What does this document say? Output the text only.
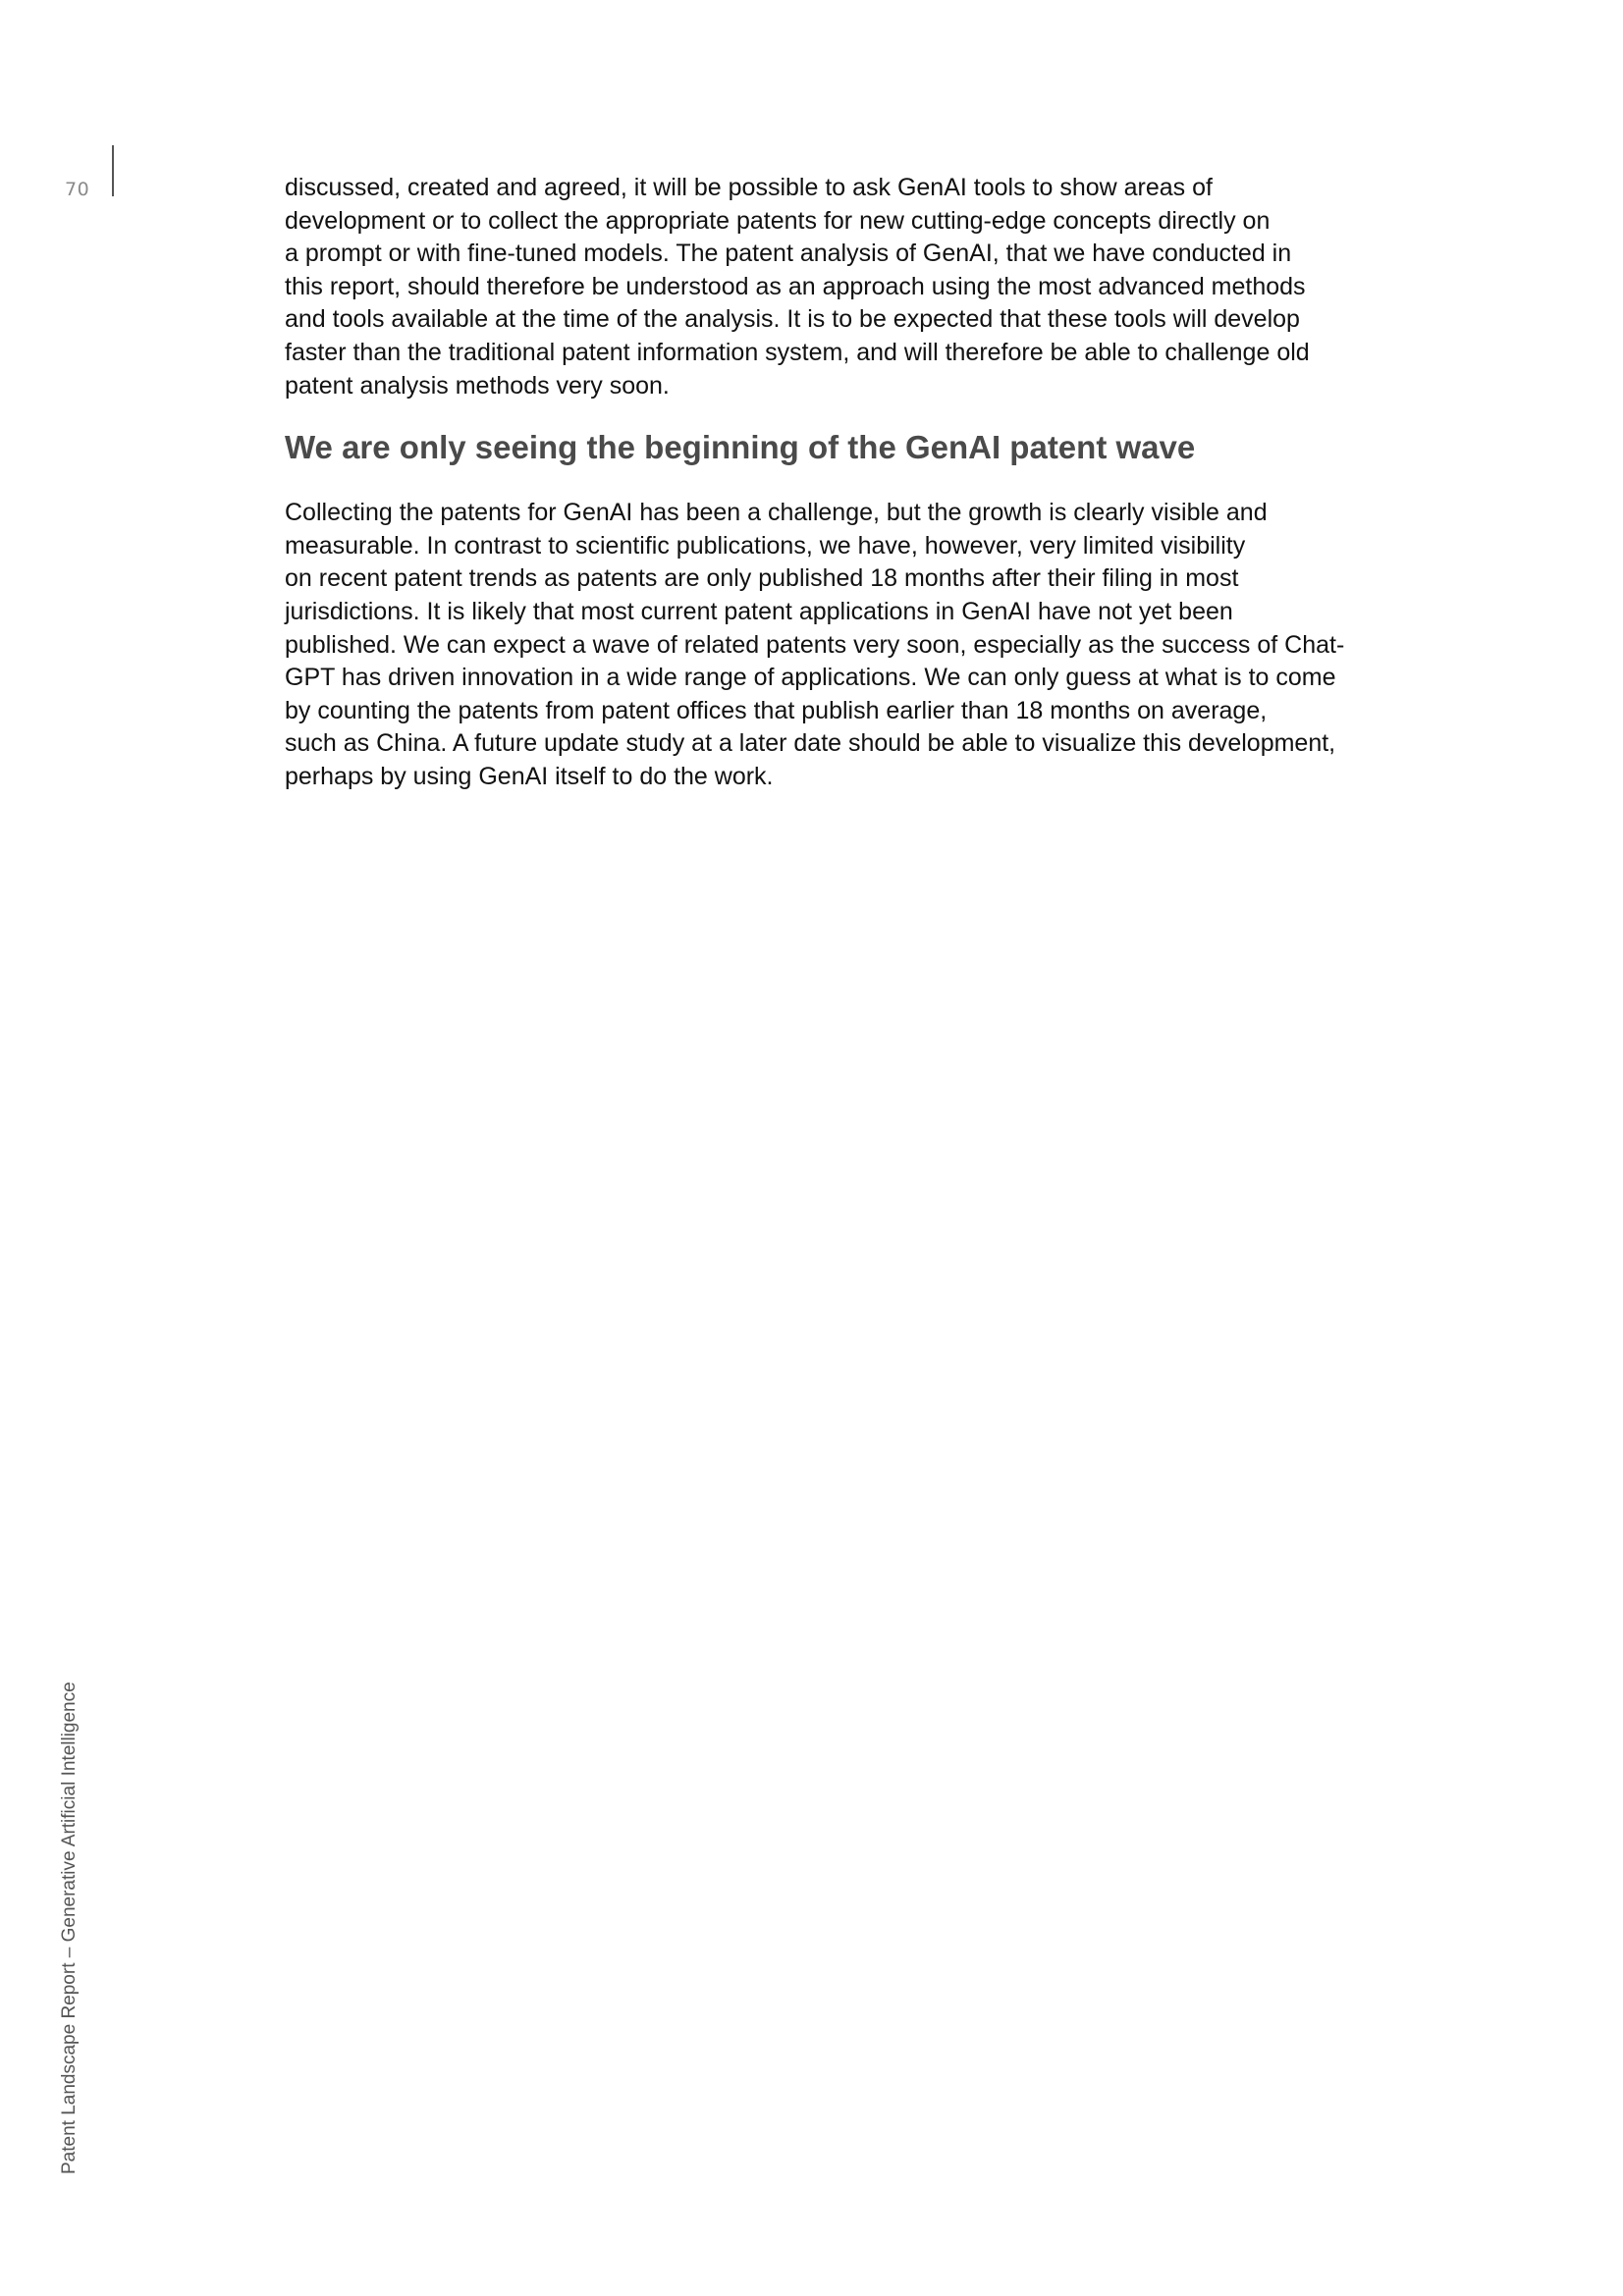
70	discussed, created and agreed, it will be possible to ask GenAI tools to show areas of
development or to collect the appropriate patents for new cutting-edge concepts directly on
a prompt or with fine-tuned models. The patent analysis of GenAI, that we have conducted in
this report, should therefore be understood as an approach using the most advanced methods
and tools available at the time of the analysis. It is to be expected that these tools will develop
faster than the traditional patent information system, and will therefore be able to challenge old
patent analysis methods very soon.

We are only seeing the beginning of the GenAI patent wave

Collecting the patents for GenAI has been a challenge, but the growth is clearly visible and
measurable. In contrast to scientific publications, we have, however, very limited visibility
on recent patent trends as patents are only published 18 months after their filing in most
jurisdictions. It is likely that most current patent applications in GenAI have not yet been
published. We can expect a wave of related patents very soon, especially as the success of Chat-
GPT has driven innovation in a wide range of applications. We can only guess at what is to come
by counting the patents from patent offices that publish earlier than 18 months on average,
such as China. A future update study at a later date should be able to visualize this development,
perhaps by using GenAI itself to do the work.

Patent Landscape Report – Generative Artificial Intelligence
